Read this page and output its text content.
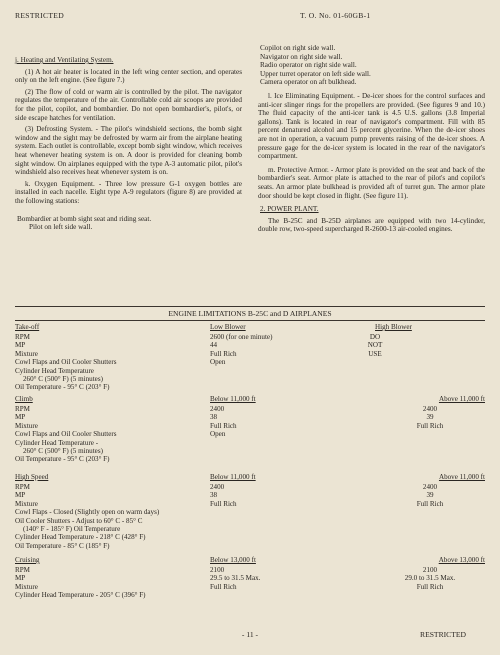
RESTRICTED	T. O. No. 01-60GB-1

j. Heating and Ventilating System.

(1) A hot air heater is located in the left wing center section, and operates only on the left engine. (See figure 7.)

(2) The flow of cold or warm air is controlled by the pilot. The navigator regulates the temperature of the air. Controllable cold air scoops are provided for the pilot, copilot, and bombardier. Do not open bombardier's, pilot's, or side escape hatches for ventilation.

(3) Defrosting System. - The pilot's windshield sections, the bomb sight window and the sight may be defrosted by warm air from the airplane heating system. Each outlet is controllable, except bomb sight window, which receives heat whenever heating system is on. A door is provided for cleaning bomb sight window. On airplanes equipped with the type A-3 automatic pilot, pilot's windshield also receives heat whenever system is on.

k. Oxygen Equipment. - Three low pressure G-1 oxygen bottles are installed in each nacelle. Eight type A-9 regulators (figure 8) are provided at the following stations:

Bombardier at bomb sight seat and riding seat.
Pilot on left side wall.
Copilot on right side wall.
Navigator on right side wall.
Radio operator on right side wall.
Upper turret operator on left side wall.
Camera operator on aft bulkhead.

l. Ice Eliminating Equipment. - De-icer shoes for the control surfaces and anti-icer slinger rings for the propellers are provided. (See figures 9 and 10.) The fluid capacity of the anti-icer tank is 4.5 U.S. gallons (3.8 Imperial gallons). Tank is located in rear of navigator's compartment. Fill with 85 percent denatured alcohol and 15 percent glycerine. When the de-icer shoes are not in operation, a vacuum pump prevents raising of the de-icer shoes. A pressure gage for the de-icer system is located in the rear of the navigator's compartment.

m. Protective Armor. - Armor plate is provided on the seat and back of the bombardier's seat. Armor plate is attached to the rear of pilot's and copilot's seats. An armor plate bulkhead is provided aft of turret gun. The armor plate door should be kept closed in flight. (See figure 11).

2. POWER PLANT.

The B-25C and B-25D airplanes are equipped with two 14-cylinder, double row, two-speed supercharged R-2600-13 air-cooled engines.

ENGINE LIMITATIONS B-25C and D AIRPLANES
Take-off	Low Blower	High Blower
RPM	2600 (for one minute)	DO
MP	44	NOT
Mixture	Full Rich	USE
Cowl Flaps and Oil Cooler Shutters	Open
Cylinder Head Temperature
260° C (500° F) (5 minutes)
Oil Temperature - 95° C (203° F)
Climb	Below 11,000 ft	Above 11,000 ft
RPM	2400	2400
MP	38	39
Mixture	Full Rich	Full Rich
Cowl Flaps and Oil Cooler Shutters	Open
Cylinder Head Temperature -
260° C (500° F) (5 minutes)
Oil Temperature - 95° C (203° F)
High Speed	Below 11,000 ft	Above 11,000 ft
RPM	2400	2400
MP	38	39
Mixture	Full Rich	Full Rich
Cowl Flaps - Closed (Slightly open on warm days)
Oil Cooler Shutters - Adjust to 60° C - 85° C
(140° F - 185° F) Oil Temperature
Cylinder Head Temperature - 218° C (428° F)
Oil Temperature - 85° C (185° F)
Cruising	Below 13,000 ft	Above 13,000 ft
RPM	2100	2100
MP	29.5 to 31.5 Max.	29.0 to 31.5 Max.
Mixture	Full Rich	Full Rich
Cylinder Head Temperature - 205° C (396° F)
- 11 -	RESTRICTED
